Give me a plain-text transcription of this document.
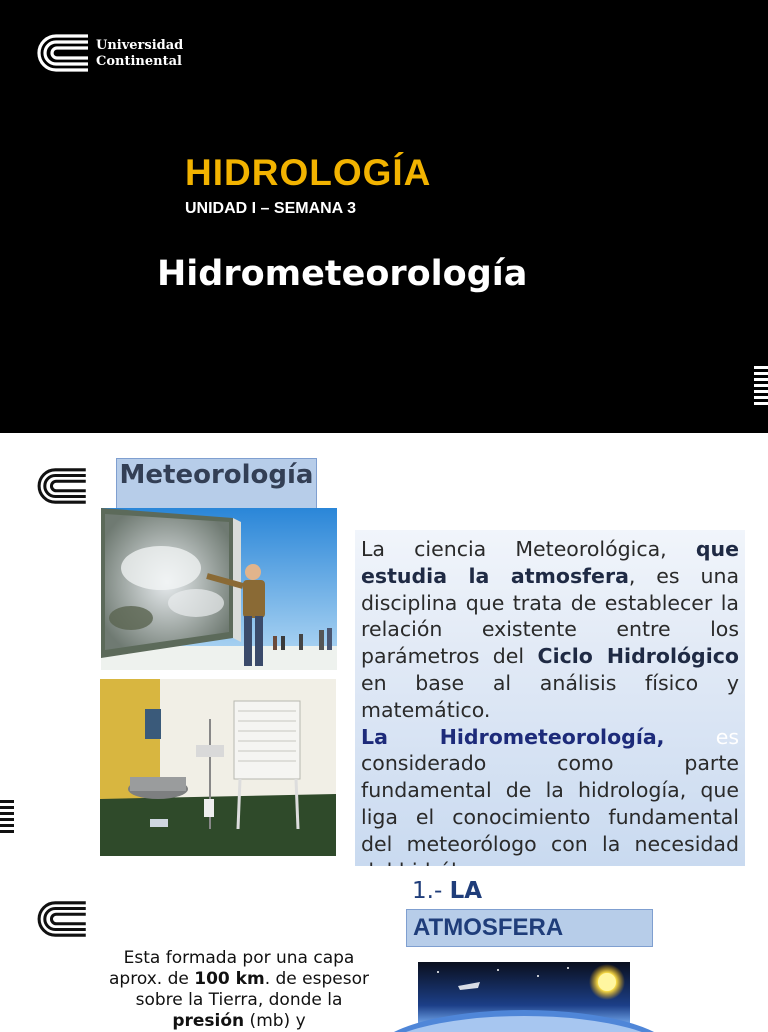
Universidad
Continental
HIDROLOGÍA
UNIDAD I – SEMANA 3
Hidrometeorología
Meteorología

La ciencia Meteorológica, que estudia la atmosfera, es una disciplina que trata de establecer la relación existente entre los parámetros del Ciclo Hidrológico en base al análisis físico y matemático.
La Hidrometeorología, es considerado como parte fundamental de la hidrología, que liga el conocimiento fundamental del meteorólogo con la necesidad

1.- LA
ATMOSFERA
Esta formada por una capa aprox. de 100 km. de espesor sobre la Tierra, donde la presión (mb) y
